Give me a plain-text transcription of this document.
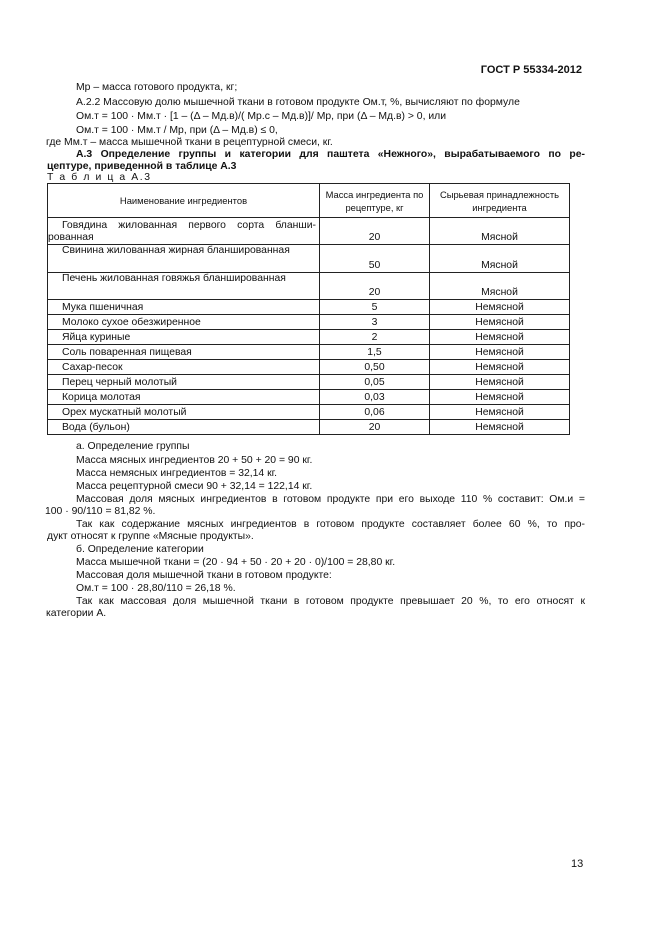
ГОСТ Р 55334-2012
Mр – масса готового продукта, кг;
А.2.2 Массовую долю мышечной ткани в готовом продукте Oм.т, %, вычисляют по формуле
Oм.т = 100 · Mм.т · [1 – (Δ – Mд.в)/( Mр.с – Mд.в)]/ Mр, при (Δ – Mд.в) > 0, или
Oм.т = 100 · Mм.т / Mр, при (Δ – Mд.в) ≤ 0,
где Mм.т – масса мышечной ткани в рецептурной смеси, кг.
А.3 Определение группы и категории для паштета «Нежного», вырабатываемого по ре-
цептуре, приведенной в таблице А.3
Т а б л и ц а А.3
Наименование ингредиентов	Масса ингредиента по рецептуре, кг	Сырьевая принадлежность ингредиента

Говядина жилованная первого сорта бланши-
рованная	20	Мясной
Свинина жилованная жирная бланшированная	50	Мясной
Печень жилованная говяжья бланшированная	20	Мясной
Мука пшеничная	5	Немясной
Молоко сухое обезжиренное	3	Немясной
Яйца куриные	2	Немясной
Соль поваренная пищевая	1,5	Немясной
Сахар-песок	0,50	Немясной
Перец черный молотый	0,05	Немясной
Корица молотая	0,03	Немясной
Орех мускатный молотый	0,06	Немясной
Вода (бульон)	20	Немясной
а. Определение группы
Масса мясных ингредиентов 20 + 50 + 20 = 90 кг.
Масса немясных ингредиентов = 32,14 кг.
Масса рецептурной смеси 90 + 32,14 = 122,14 кг.
Массовая доля мясных ингредиентов в готовом продукте при его выходе 110 % составит: Oм.и =
100 · 90/110 = 81,82 %.
Так как содержание мясных ингредиентов в готовом продукте составляет более 60 %, то про-
дукт относят к группе «Мясные продукты».
б. Определение категории
Масса мышечной ткани = (20 · 94 + 50 · 20 + 20 · 0)/100 = 28,80 кг.
Массовая доля мышечной ткани в готовом продукте:
Oм.т = 100 · 28,80/110 = 26,18 %.
Так как массовая доля мышечной ткани в готовом продукте превышает 20 %, то его относят к
категории А.
13
